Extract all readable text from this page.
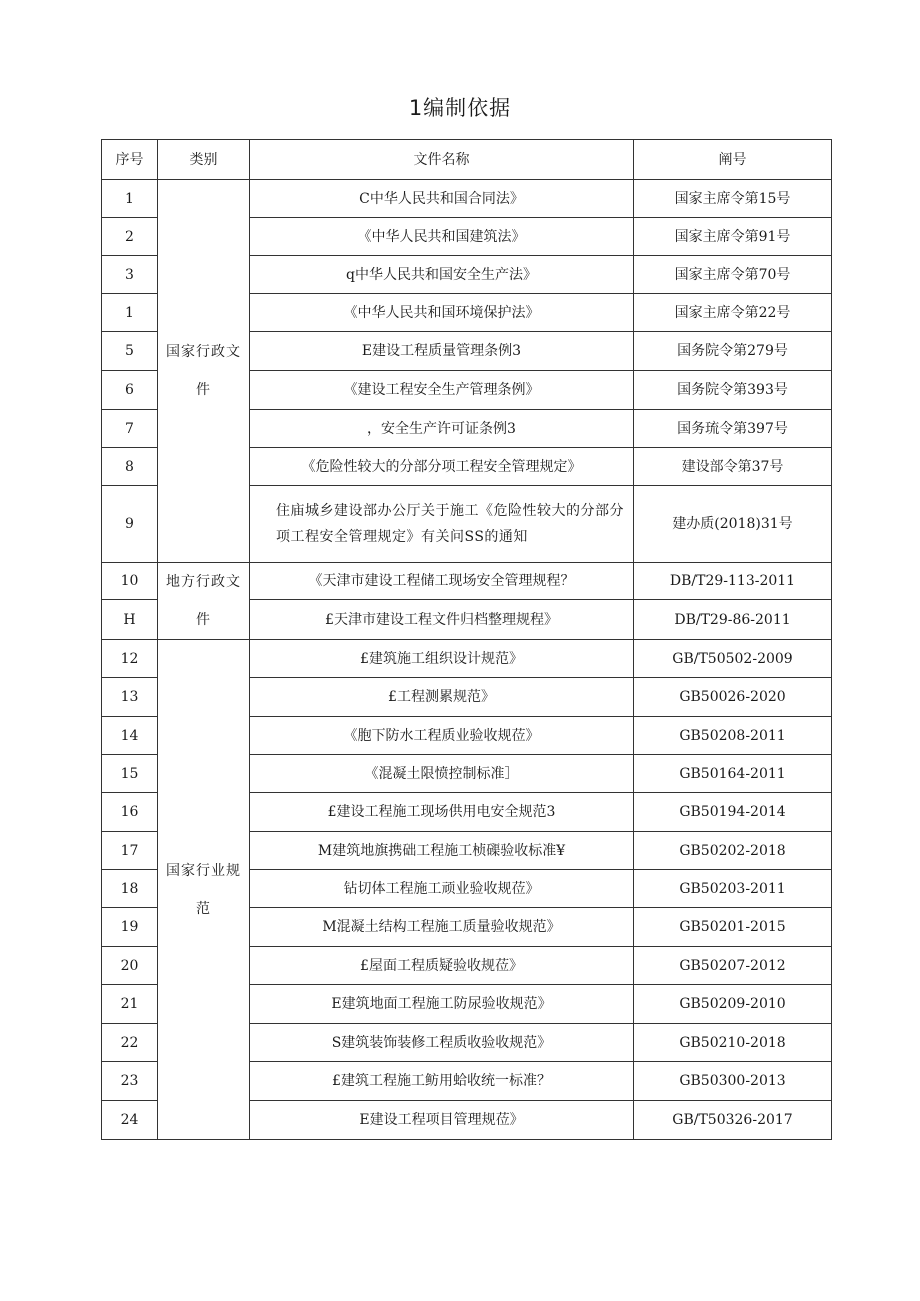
1编制依据
序号	类别	文件名称	阐号
1	国家行政文件	C中华人民共和国合同法》	国家主席令第15号
2		《中华人民共和国建筑法》	国家主席令第91号
3		q中华人民共和国安全生产法》	国家主席令第70号
1		《中华人民共和国环境保护法》	国家主席令第22号
5		E建设工程质量管理条例3	国务院令第279号
6		《建设工程安全生产管理条例》	国务院令第393号
7		，安全生产许可证条例3	国务琉令第397号
8		《危险性较大的分部分项工程安全管理规定》	建设部令第37号
9		住庙城乡建设部办公厅关于施工《危险性较大的分部分项工程安全管理规定》有关问SS的通知	建办质(2018)31号
10	地方行政文件	《天津市建设工程储工现场安全管理规程？	DB/T29-113-2011
H		£天津市建设工程文件归档整理规程》	DB/T29-86-2011
12	国家行业规范	£建筑施工组织设计规范》	GB/T50502-2009
13		£工程测累规范》	GB50026-2020
14		《胞下防水工程质业验收规莅》	GB50208-2011
15		《混凝土限愤控制标准］	GB50164-2011
16		£建设工程施工现场供用电安全规范3	GB50194-2014
17		M建筑地旗携础工程施工桢磲验收标准¥	GB50202-2018
18		钻切体工程施工顽业验收规莅》	GB50203-2011
19		M混凝土结构工程施工质量验收规范》	GB50201-2015
20		£屋面工程质疑验收规莅》	GB50207-2012
21		E建筑地面工程施工防尿验收规范》	GB50209-2010
22		S建筑装饰装修工程质收验收规范》	GB50210-2018
23		£建筑工程施工鲂用蛤收统一标准？	GB50300-2013
24		E建设工程项目管理规莅》	GB/T50326-2017
